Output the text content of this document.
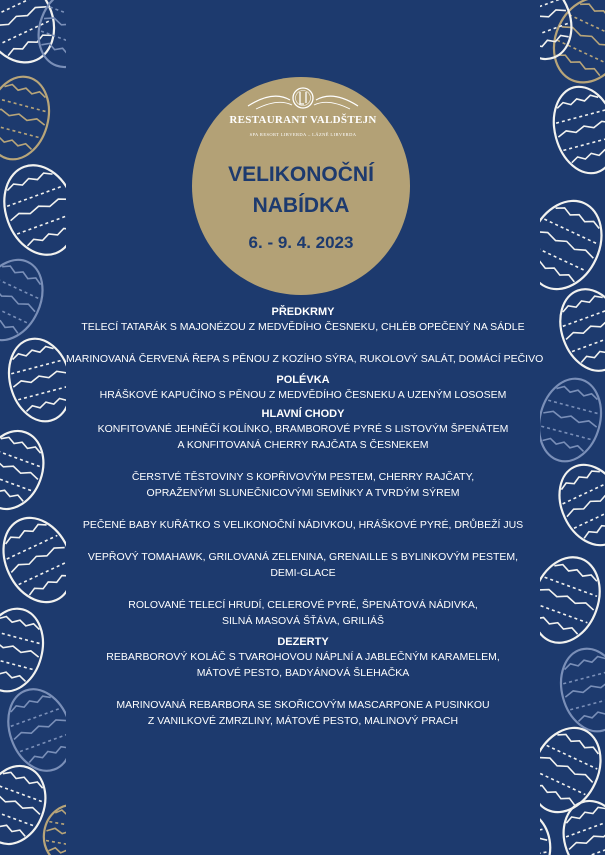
RESTAURANT VALDŠTEJN
SPA RESORT LIBVERDA – LÁZNĚ LIBVERDA
VELIKONOČNÍ
NABÍDKA
6. - 9. 4. 2023
PŘEDKRMY
TELECÍ TATARÁK S MAJONÉZOU Z MEDVĚDÍHO ČESNEKU, CHLÉB OPEČENÝ NA SÁDLE
MARINOVANÁ ČERVENÁ ŘEPA S PĚNOU Z KOZÍHO SÝRA, RUKOLOVÝ SALÁT, DOMÁCÍ PEČIVO
POLÉVKA
HRÁŠKOVÉ KAPUČÍNO S PĚNOU Z MEDVĚDÍHO ČESNEKU A UZENÝM LOSOSEM
HLAVNÍ CHODY
KONFITOVANÉ JEHNĚČÍ KOLÍNKO, BRAMBOROVÉ PYRÉ S LISTOVÝM ŠPENÁTEM
A KONFITOVANÁ CHERRY RAJČATA S ČESNEKEM
ČERSTVÉ TĚSTOVINY S KOPŘIVOVÝM PESTEM, CHERRY RAJČATY,
OPRAŽENÝMI SLUNEČNICOVÝMI SEMÍNKY A TVRDÝM SÝREM
PEČENÉ BABY KUŘÁTKO S VELIKONOČNÍ NÁDIVKOU, HRÁŠKOVÉ PYRÉ, DRŮBEŽÍ JUS
VEPŘOVÝ TOMAHAWK, GRILOVANÁ ZELENINA, GRENAILLE S BYLINKOVÝM PESTEM,
DEMI-GLACE
ROLOVANÉ TELECÍ HRUDÍ, CELEROVÉ PYRÉ, ŠPENÁTOVÁ NÁDIVKA,
SILNÁ MASOVÁ ŠŤÁVA, GRILIÁŠ
DEZERTY
REBARBOROVÝ KOLÁČ S TVAROHOVOU NÁPLNÍ A JABLEČNÝM KARAMELEM,
MÁTOVÉ PESTO, BADYÁNOVÁ ŠLEHAČKA
MARINOVANÁ REBARBORA SE SKOŘICOVÝM MASCARPONE A PUSINKOU
Z VANILKOVÉ ZMRZLINY, MÁTOVÉ PESTO, MALINOVÝ PRACH
